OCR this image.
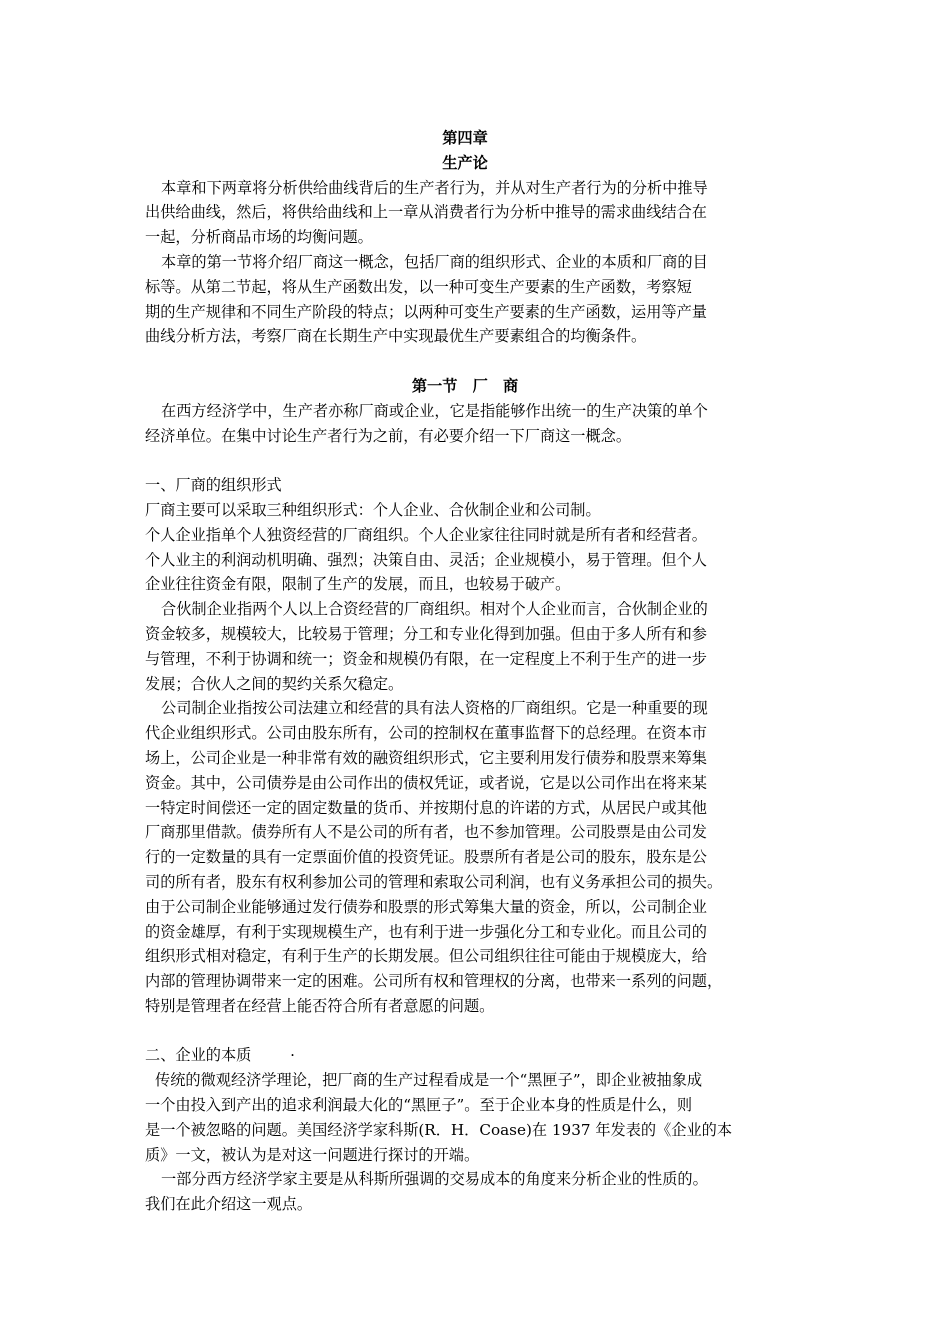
第四章
生产论
本章和下两章将分析供给曲线背后的生产者行为，并从对生产者行为的分析中推导
出供给曲线，然后，将供给曲线和上一章从消费者行为分析中推导的需求曲线结合在
一起，分析商品市场的均衡问题。
本章的第一节将介绍厂商这一概念，包括厂商的组织形式、企业的本质和厂商的目
标等。从第二节起，将从生产函数出发，以一种可变生产要素的生产函数，考察短
期的生产规律和不同生产阶段的特点；以两种可变生产要素的生产函数，运用等产量
曲线分析方法，考察厂商在长期生产中实现最优生产要素组合的均衡条件。
第一节　厂　商
在西方经济学中，生产者亦称厂商或企业，它是指能够作出统一的生产决策的单个
经济单位。在集中讨论生产者行为之前，有必要介绍一下厂商这一概念。
一、厂商的组织形式
厂商主要可以采取三种组织形式：个人企业、合伙制企业和公司制。
个人企业指单个人独资经营的厂商组织。个人企业家往往同时就是所有者和经营者。
个人业主的利润动机明确、强烈；决策自由、灵活；企业规模小，易于管理。但个人
企业往往资金有限，限制了生产的发展，而且，也较易于破产。
合伙制企业指两个人以上合资经营的厂商组织。相对个人企业而言，合伙制企业的
资金较多，规模较大，比较易于管理；分工和专业化得到加强。但由于多人所有和参
与管理，不利于协调和统一；资金和规模仍有限，在一定程度上不利于生产的进一步
发展；合伙人之间的契约关系欠稳定。
公司制企业指按公司法建立和经营的具有法人资格的厂商组织。它是一种重要的现
代企业组织形式。公司由股东所有，公司的控制权在董事监督下的总经理。在资本市
场上，公司企业是一种非常有效的融资组织形式，它主要利用发行债券和股票来筹集
资金。其中，公司债券是由公司作出的债权凭证，或者说，它是以公司作出在将来某
一特定时间偿还一定的固定数量的货币、并按期付息的许诺的方式，从居民户或其他
厂商那里借款。债券所有人不是公司的所有者，也不参加管理。公司股票是由公司发
行的一定数量的具有一定票面价值的投资凭证。股票所有者是公司的股东，股东是公
司的所有者，股东有权利参加公司的管理和索取公司利润，也有义务承担公司的损失。
由于公司制企业能够通过发行债券和股票的形式筹集大量的资金，所以，公司制企业
的资金雄厚，有利于实现规模生产，也有利于进一步强化分工和专业化。而且公司的
组织形式相对稳定，有利于生产的长期发展。但公司组织往往可能由于规模庞大，给
内部的管理协调带来一定的困难。公司所有权和管理权的分离，也带来一系列的问题，
特别是管理者在经营上能否符合所有者意愿的问题。
二、企业的本质	·
传统的微观经济学理论，把厂商的生产过程看成是一个“黑匣子”，即企业被抽象成
一个由投入到产出的追求利润最大化的“黑匣子”。至于企业本身的性质是什么，则
是一个被忽略的问题。美国经济学家科斯(R．H．Coase)在 1937 年发表的《企业的本
质》一文，被认为是对这一问题进行探讨的开端。
一部分西方经济学家主要是从科斯所强调的交易成本的角度来分析企业的性质的。
我们在此介绍这一观点。
